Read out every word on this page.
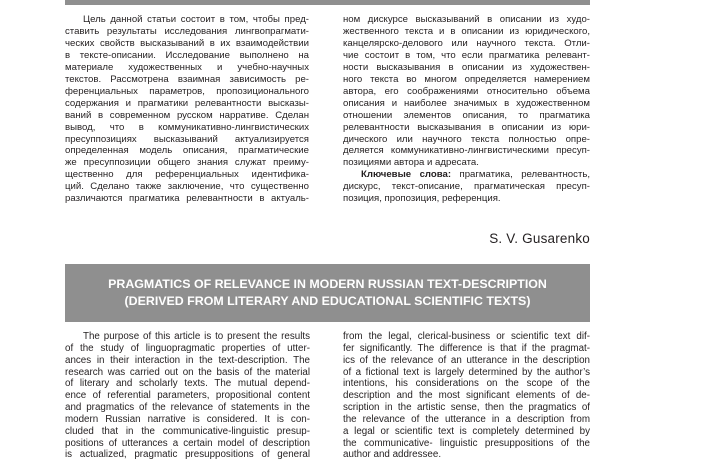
Цель данной статьи состоит в том, чтобы пред-
ставить результаты исследования лингвопрагмати-
ческих свойств высказываний в их взаимодействии
в тексте-описании. Исследование выполнено на
материале художественных и учебно-научных
текстов. Рассмотрена взаимная зависимость ре-
ференциальных параметров, пропозиционального
содержания и прагматики релевантности высказы-
ваний в современном русском нарративе. Сделан
вывод, что в коммуникативно-лингвистических
пресуппозициях высказываний актуализируется
определенная модель описания, прагматические
же пресуппозиции общего знания служат преиму-
щественно для референциальных идентифика-
ций. Сделано также заключение, что существенно
различаются прагматика релевантности в актуаль-
ном дискурсе высказываний в описании из худо-
жественного текста и в описании из юридического,
канцелярско-делового или научного текста. Отли-
чие состоит в том, что если прагматика релевант-
ности высказывания в описании из художествен-
ного текста во многом определяется намерением
автора, его соображениями относительно объема
описания и наиболее значимых в художественном
отношении элементов описания, то прагматика
релевантности высказывания в описании из юри-
дического или научного текста полностью опре-
деляется коммуникативно-лингвистическими пресуп-
позициями автора и адресата.
Ключевые слова: прагматика, релевантность,
дискурс, текст-описание, прагматическая пресуп-
позиция, пропозиция, референция.
S. V. Gusarenko
PRAGMATICS OF RELEVANCE IN MODERN RUSSIAN TEXT-DESCRIPTION
(DERIVED FROM LITERARY AND EDUCATIONAL SCIENTIFIC TEXTS)
The purpose of this article is to present the results
of the study of linguopragmatic properties of utter-
ances in their interaction in the text-description. The
research was carried out on the basis of the material
of literary and scholarly texts. The mutual depend-
ence of referential parameters, propositional content
and pragmatics of the relevance of statements in the
modern Russian narrative is considered. It is con-
cluded that in the communicative-linguistic presup-
positions of utterances a certain model of description
is actualized, pragmatic presuppositions of general
from the legal, clerical-business or scientific text dif-
fer significantly. The difference is that if the pragmat-
ics of the relevance of an utterance in the description
of a fictional text is largely determined by the author’s
intentions, his considerations on the scope of the
description and the most significant elements of de-
scription in the artistic sense, then the pragmatics of
the relevance of the utterance in a description from
a legal or scientific text is completely determined by
the communicative- linguistic presuppositions of the
author and addressee.
